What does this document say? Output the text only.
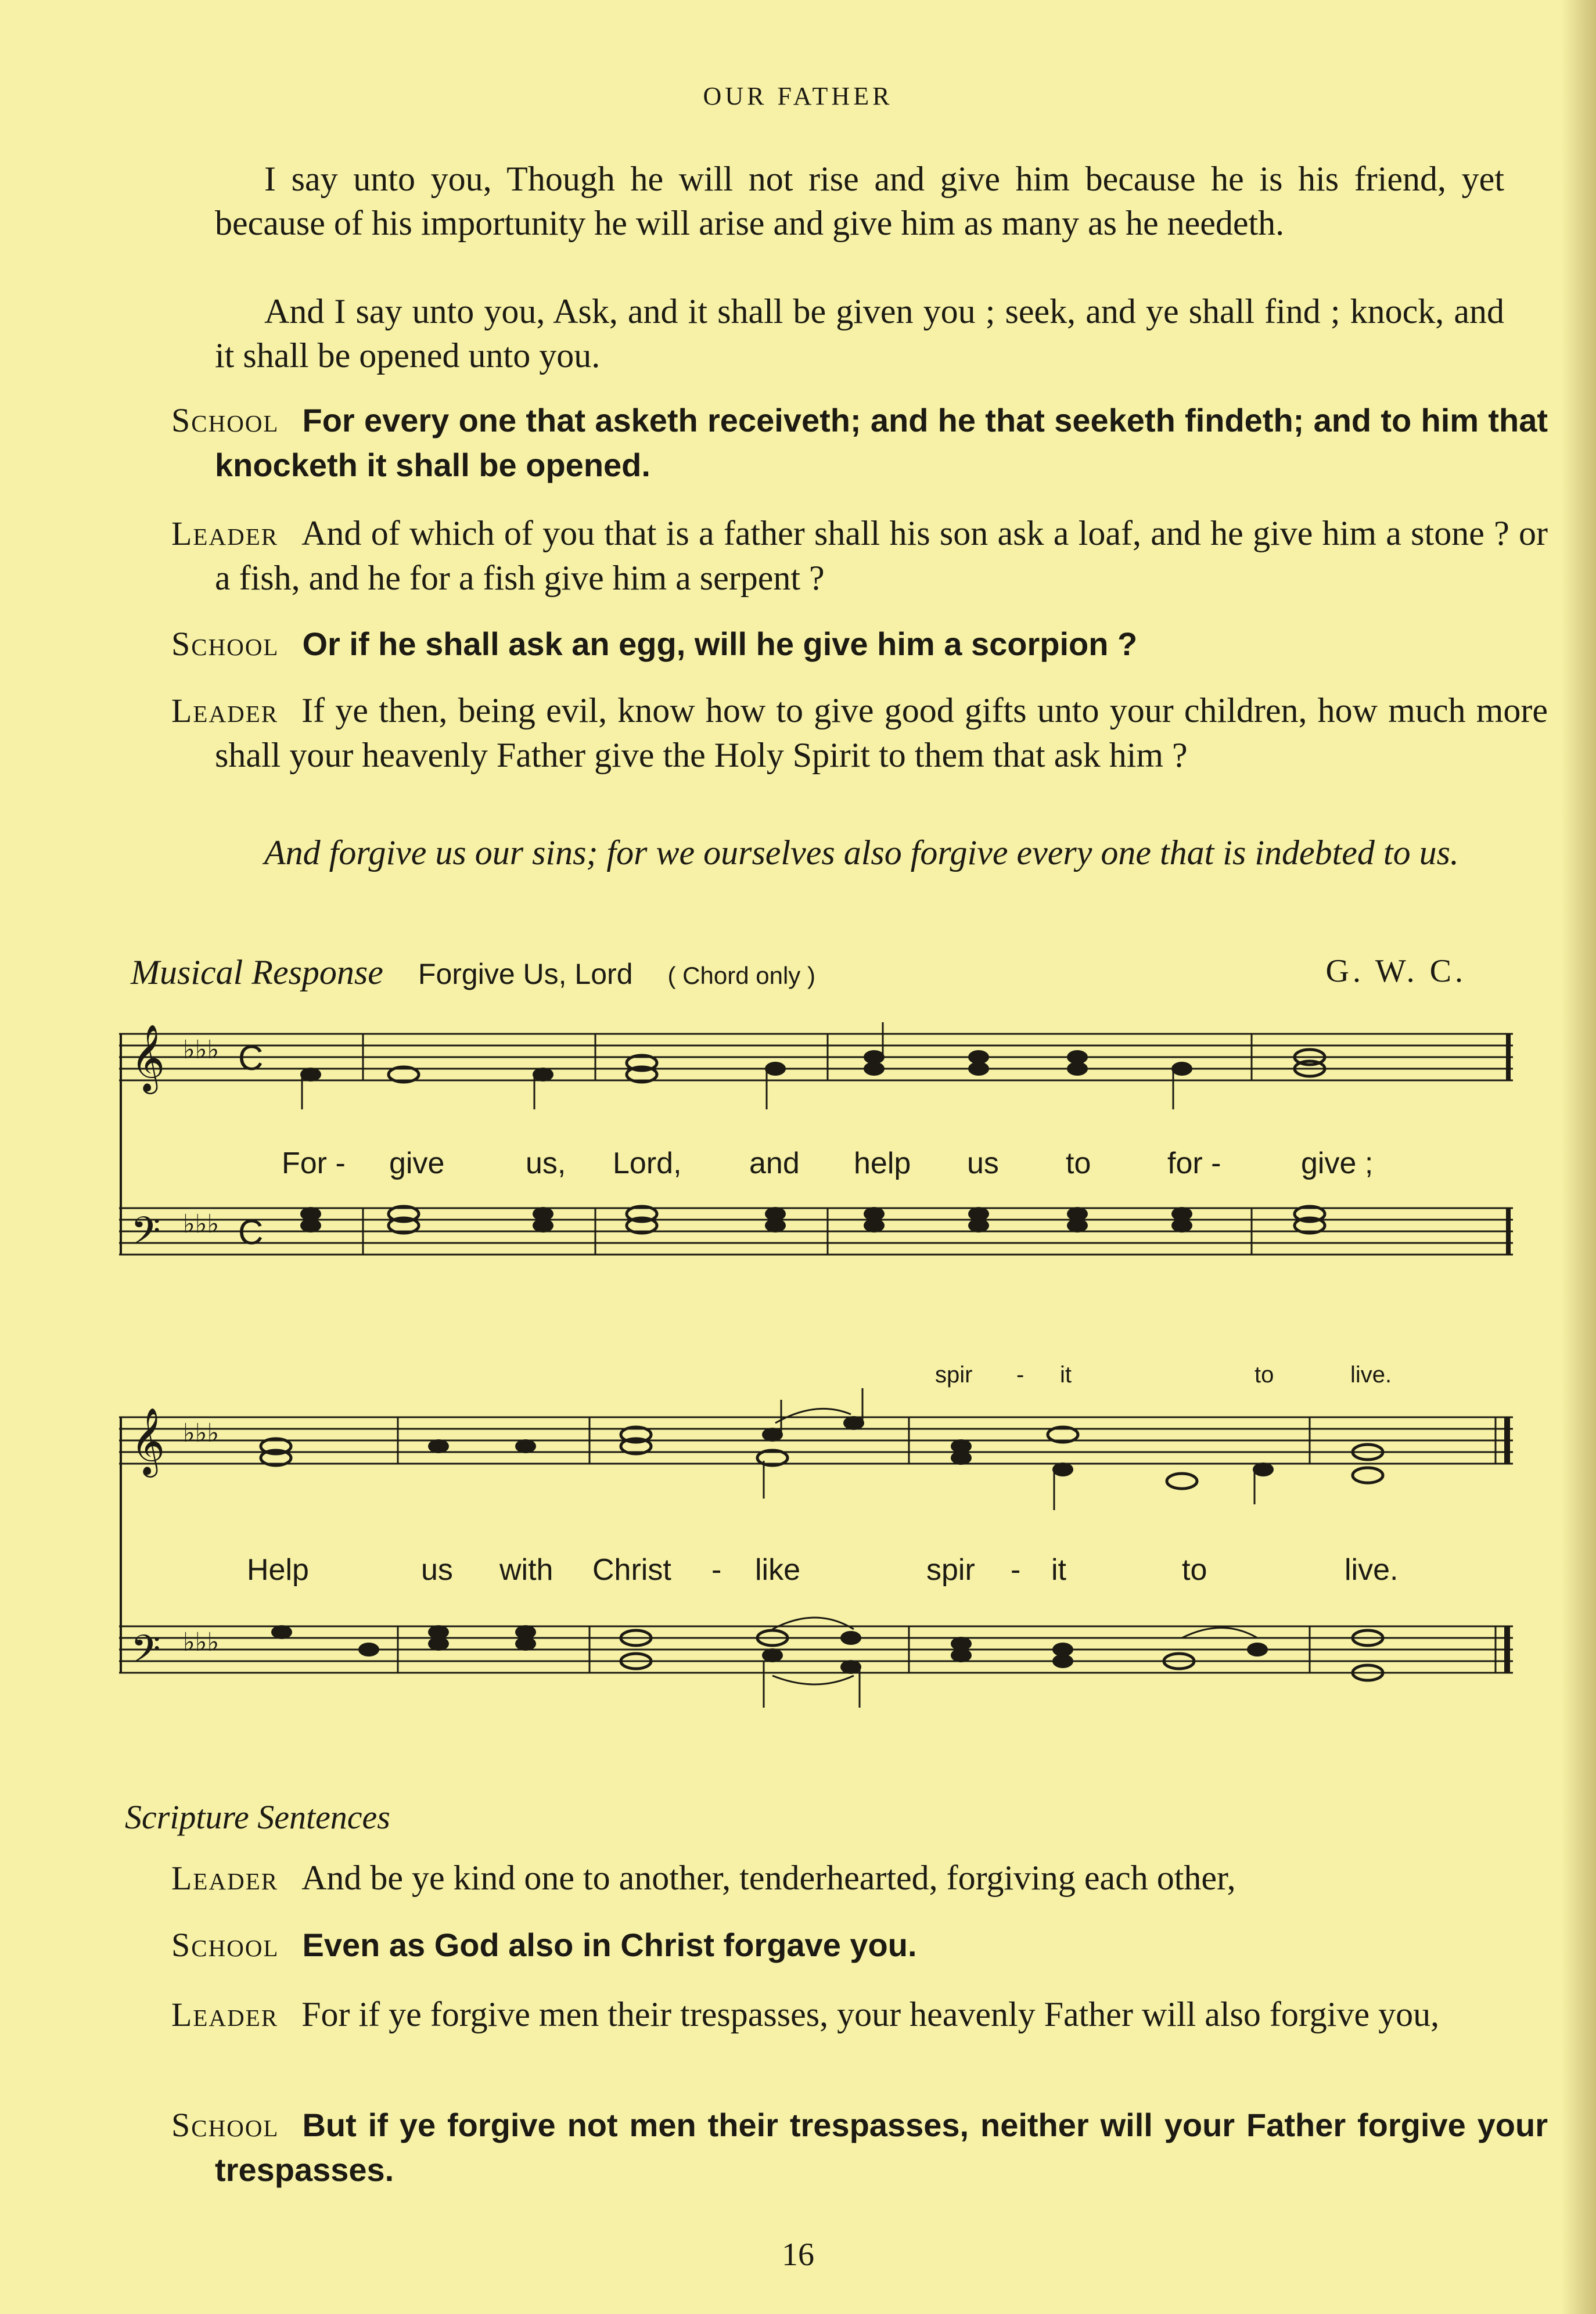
OUR FATHER
I say unto you, Though he will not rise and give him because he is his friend, yet because of his importunity he will arise and give him as many as he needeth.
And I say unto you, Ask, and it shall be given you ; seek, and ye shall find ; knock, and it shall be opened unto you.
School For every one that asketh receiveth; and he that seeketh findeth; and to him that knocketh it shall be opened.
Leader And of which of you that is a father shall his son ask a loaf, and he give him a stone ? or a fish, and he for a fish give him a serpent ?
School Or if he shall ask an egg, will he give him a scorpion ?
Leader If ye then, being evil, know how to give good gifts unto your children, how much more shall your heavenly Father give the Holy Spirit to them that ask him ?
And forgive us our sins; for we ourselves also forgive every one that is indebted to us.
Musical Response Forgive Us, Lord ( Chord only )	G. W. C.
𝄞
𝄢
♭♭♭
♭♭♭
C
C
For - give	us, Lord, and help us to	for -	give ;
spir - it	to	live.
𝄞
𝄢
♭♭♭
♭♭♭
Help	us with Christ - like	spir - it	to	live.
Scripture Sentences
Leader And be ye kind one to another, tenderhearted, forgiving each other,
School Even as God also in Christ forgave you.
Leader For if ye forgive men their trespasses, your heavenly Father will also forgive you,
School But if ye forgive not men their trespasses, neither will your Father forgive your trespasses.
16
